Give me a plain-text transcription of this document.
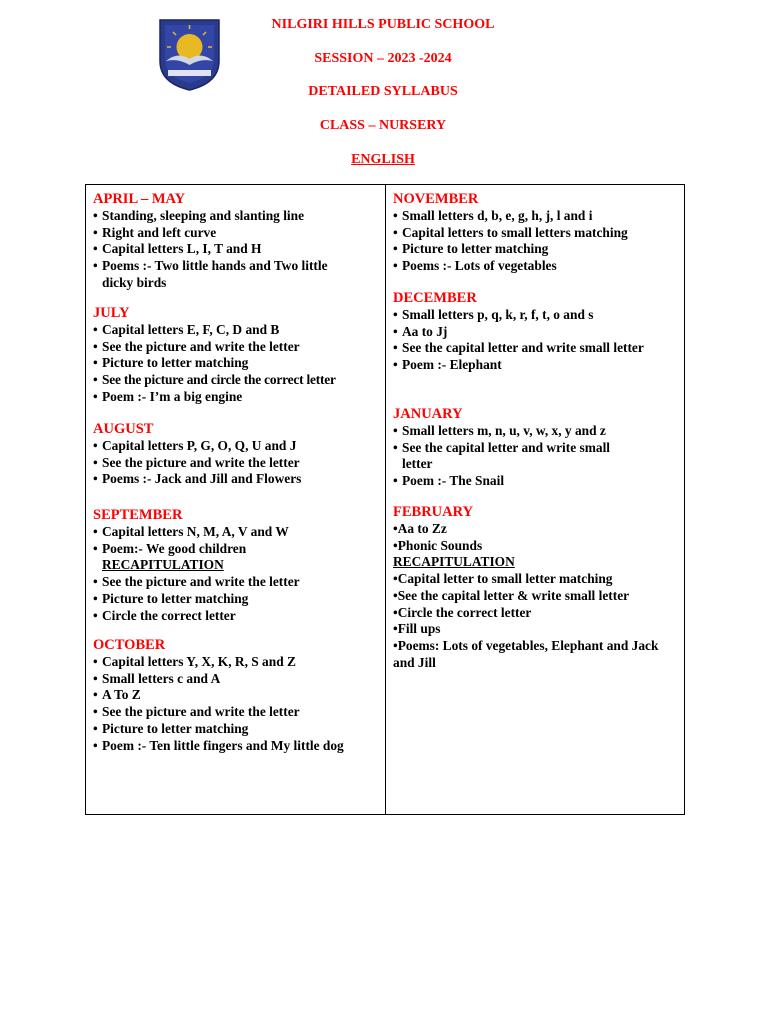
NILGIRI HILLS PUBLIC SCHOOL
SESSION – 2023 -2024
DETAILED SYLLABUS
CLASS – NURSERY
ENGLISH
APRIL – MAY
• Standing, sleeping and slanting line
• Right and left curve
• Capital letters L, I, T and H
• Poems :- Two little hands and Two little dicky birds
JULY
• Capital letters E, F, C, D and B
• See the picture and write the letter
• Picture to letter matching
• See the picture and circle the correct letter
• Poem :- I’m a big engine
AUGUST
• Capital letters P, G, O, Q, U and J
• See the picture and write the letter
• Poems :- Jack and Jill and Flowers
SEPTEMBER
• Capital letters N, M, A, V and W
• Poem:- We good children
RECAPITULATION
• See the picture and write the letter
• Picture to letter matching
• Circle the correct letter
OCTOBER
• Capital letters Y, X, K, R, S and Z
• Small letters c and A
• A To Z
• See the picture and write the letter
• Picture to letter matching
• Poem :- Ten little fingers and My little dog
NOVEMBER
• Small letters d, b, e, g, h, j, l and i
• Capital letters to small letters matching
• Picture to letter matching
• Poems :- Lots of vegetables
DECEMBER
• Small letters p, q, k, r, f, t, o and s
• Aa to Jj
• See the capital letter and write small letter
• Poem :- Elephant
JANUARY
• Small letters m, n, u, v, w, x, y and z
• See the capital letter and write small letter
• Poem :- The Snail
FEBRUARY
•Aa to Zz
•Phonic Sounds
RECAPITULATION
•Capital letter to small letter matching
•See the capital letter & write small letter
•Circle the correct letter
•Fill ups
•Poems: Lots of vegetables, Elephant and Jack and Jill
